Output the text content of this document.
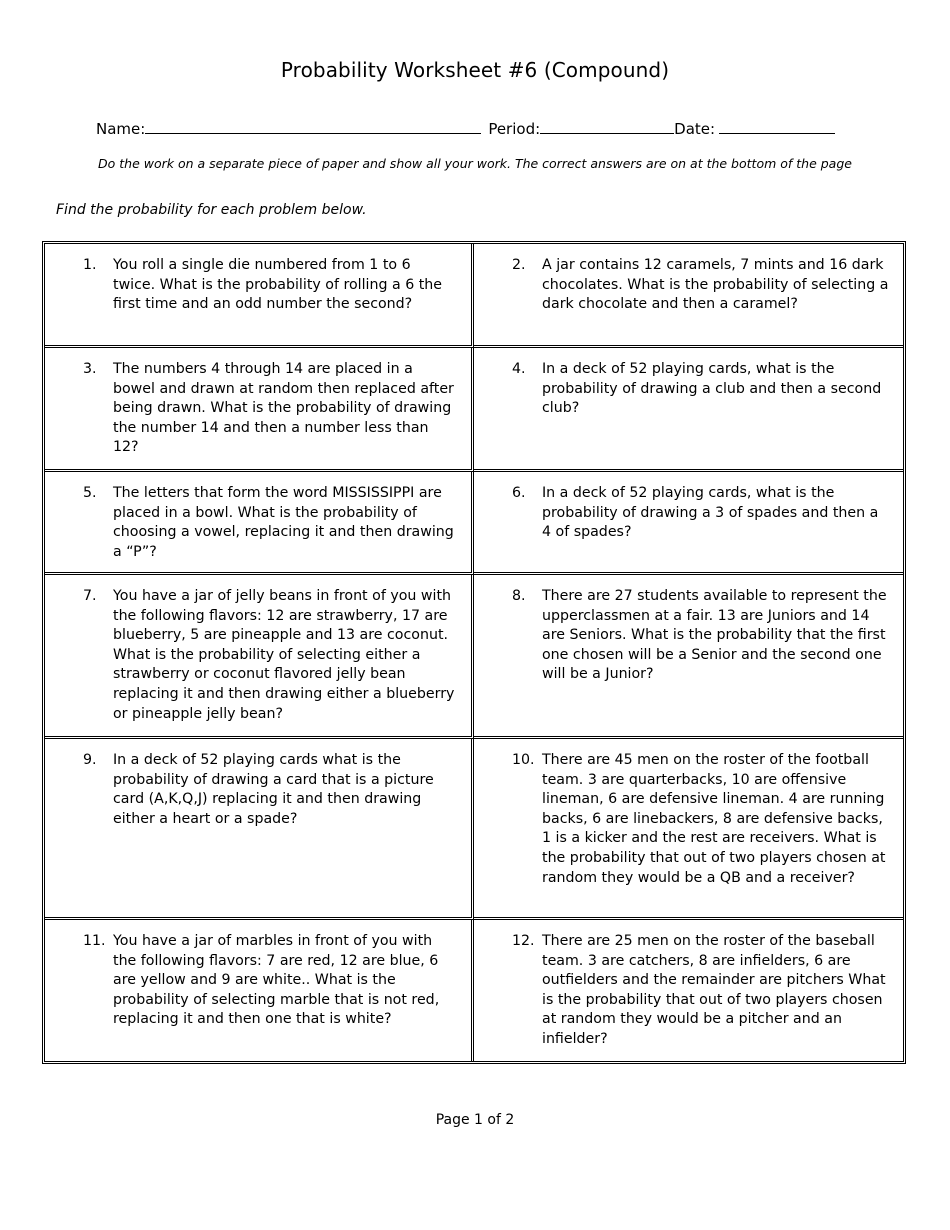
Probability Worksheet #6 (Compound)
Name:	Period:	Date:
Do the work on a separate piece of paper and show all your work. The correct answers are on at the bottom of the page
Find the probability for each problem below.
1.	You roll a single die numbered from 1 to 6 twice. What is the probability of rolling a 6 the first time and an odd number the second?
2.	A jar contains 12 caramels, 7 mints and 16 dark chocolates. What is the probability of selecting a dark chocolate and then a caramel?
3.	The numbers 4 through 14 are placed in a bowel and drawn at random then replaced after being drawn. What is the probability of drawing the number 14 and then a number less than 12?
4.	In a deck of 52 playing cards, what is the probability of drawing a club and then a second club?
5.	The letters that form the word MISSISSIPPI are placed in a bowl. What is the probability of choosing a vowel, replacing it and then drawing a “P”?
6.	In a deck of 52 playing cards, what is the probability of drawing a 3 of spades and then a 4 of spades?
7.	You have a jar of jelly beans in front of you with the following flavors: 12 are strawberry, 17 are blueberry, 5 are pineapple and 13 are coconut. What is the probability of selecting either a strawberry or coconut flavored jelly bean replacing it and then drawing either a blueberry or pineapple jelly bean?
8.	There are 27 students available to represent the upperclassmen at a fair. 13 are Juniors and 14 are Seniors. What is the probability that the first one chosen will be a Senior and the second one will be a Junior?
9.	In a deck of 52 playing cards what is the probability of drawing a card that is a picture card (A,K,Q,J) replacing it and then drawing either a heart or a spade?
10. There are 45 men on the roster of the football team. 3 are quarterbacks, 10 are offensive lineman, 6 are defensive lineman. 4 are running backs, 6 are linebackers, 8 are defensive backs, 1 is a kicker and the rest are receivers. What is the probability that out of two players chosen at random they would be a QB and a receiver?
11. You have a jar of marbles in front of you with the following flavors: 7 are red, 12 are blue, 6 are yellow and 9 are white.. What is the probability of selecting marble that is not red, replacing it and then one that is white?
12. There are 25 men on the roster of the baseball team. 3 are catchers, 8 are infielders, 6 are outfielders and the remainder are pitchers What is the probability that out of two players chosen at random they would be a pitcher and an infielder?
Page 1 of 2
